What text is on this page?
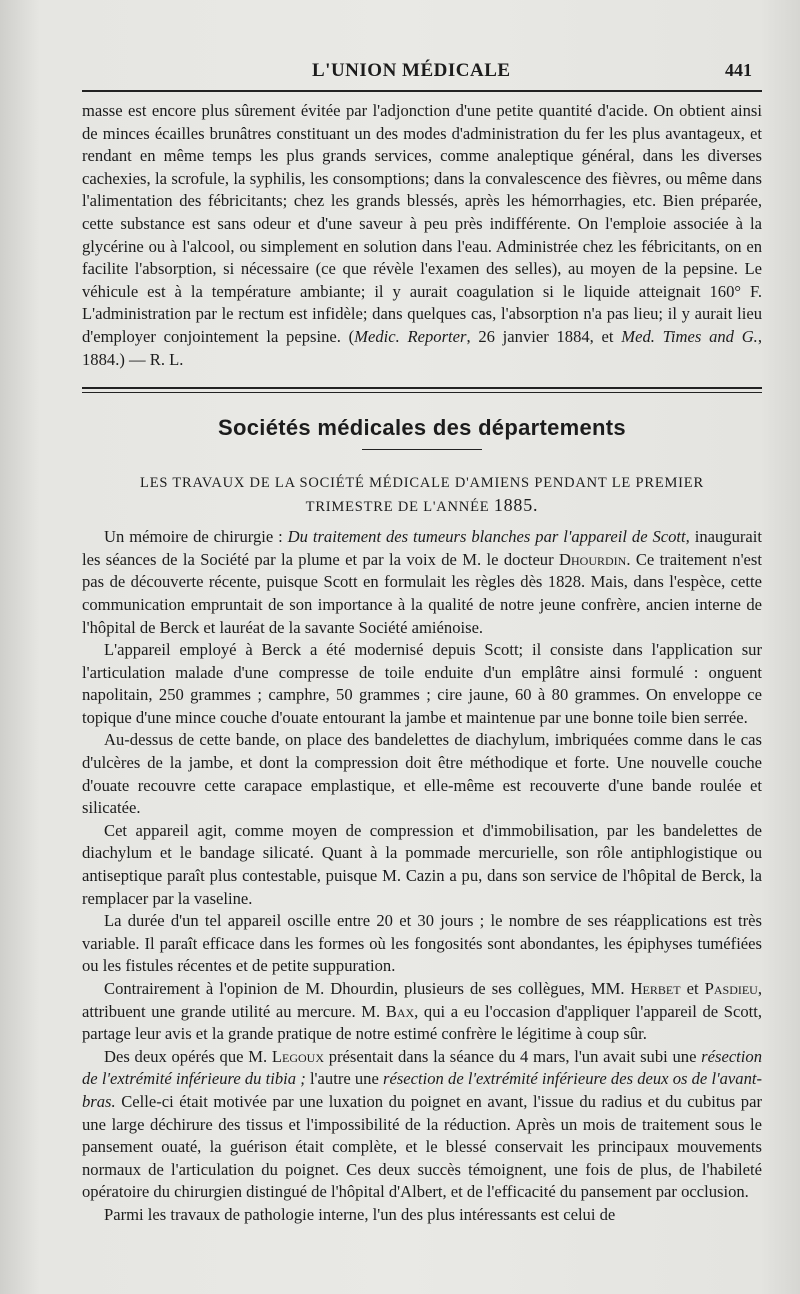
L'UNION MÉDICALE	441

masse est encore plus sûrement évitée par l'adjonction d'une petite quantité d'acide. On obtient ainsi de minces écailles brunâtres constituant un des modes d'administration du fer les plus avantageux, et rendant en même temps les plus grands services, comme analeptique général, dans les diverses cachexies, la scrofule, la syphilis, les consomptions; dans la convalescence des fièvres, ou même dans l'alimentation des fébricitants; chez les grands blessés, après les hémorrhagies, etc. Bien préparée, cette substance est sans odeur et d'une saveur à peu près indifférente. On l'emploie associée à la glycérine ou à l'alcool, ou simplement en solution dans l'eau. Administrée chez les fébricitants, on en facilite l'absorption, si nécessaire (ce que révèle l'examen des selles), au moyen de la pepsine. Le véhicule est à la température ambiante; il y aurait coagulation si le liquide atteignait 160° F. L'administration par le rectum est infidèle; dans quelques cas, l'absorption n'a pas lieu; il y aurait lieu d'employer conjointement la pepsine. (Medic. Reporter, 26 janvier 1884, et Med. Times and G., 1884.) — R. L.

Sociétés médicales des départements
LES TRAVAUX DE LA SOCIÉTÉ MÉDICALE D'AMIENS PENDANT LE PREMIER
TRIMESTRE DE L'ANNÉE 1885.

Un mémoire de chirurgie : Du traitement des tumeurs blanches par l'appareil de Scott, inaugurait les séances de la Société par la plume et par la voix de M. le docteur Dhourdin. Ce traitement n'est pas de découverte récente, puisque Scott en formulait les règles dès 1828. Mais, dans l'espèce, cette communication empruntait de son importance à la qualité de notre jeune confrère, ancien interne de l'hôpital de Berck et lauréat de la savante Société amiénoise.

L'appareil employé à Berck a été modernisé depuis Scott; il consiste dans l'application sur l'articulation malade d'une compresse de toile enduite d'un emplâtre ainsi formulé : onguent napolitain, 250 grammes ; camphre, 50 grammes ; cire jaune, 60 à 80 grammes. On enveloppe ce topique d'une mince couche d'ouate entourant la jambe et maintenue par une bonne toile bien serrée.

Au-dessus de cette bande, on place des bandelettes de diachylum, imbriquées comme dans le cas d'ulcères de la jambe, et dont la compression doit être méthodique et forte. Une nouvelle couche d'ouate recouvre cette carapace emplastique, et elle-même est recouverte d'une bande roulée et silicatée.

Cet appareil agit, comme moyen de compression et d'immobilisation, par les bandelettes de diachylum et le bandage silicaté. Quant à la pommade mercurielle, son rôle antiphlogistique ou antiseptique paraît plus contestable, puisque M. Cazin a pu, dans son service de l'hôpital de Berck, la remplacer par la vaseline.

La durée d'un tel appareil oscille entre 20 et 30 jours ; le nombre de ses réapplications est très variable. Il paraît efficace dans les formes où les fongosités sont abondantes, les épiphyses tuméfiées ou les fistules récentes et de petite suppuration.

Contrairement à l'opinion de M. Dhourdin, plusieurs de ses collègues, MM. Herbet et Pasdieu, attribuent une grande utilité au mercure. M. Bax, qui a eu l'occasion d'appliquer l'appareil de Scott, partage leur avis et la grande pratique de notre estimé confrère le légitime à coup sûr.

Des deux opérés que M. Legoux présentait dans la séance du 4 mars, l'un avait subi une résection de l'extrémité inférieure du tibia ; l'autre une résection de l'extrémité inférieure des deux os de l'avant-bras. Celle-ci était motivée par une luxation du poignet en avant, l'issue du radius et du cubitus par une large déchirure des tissus et l'impossibilité de la réduction. Après un mois de traitement sous le pansement ouaté, la guérison était complète, et le blessé conservait les principaux mouvements normaux de l'articulation du poignet. Ces deux succès témoignent, une fois de plus, de l'habileté opératoire du chirurgien distingué de l'hôpital d'Albert, et de l'efficacité du pansement par occlusion.

Parmi les travaux de pathologie interne, l'un des plus intéressants est celui de
